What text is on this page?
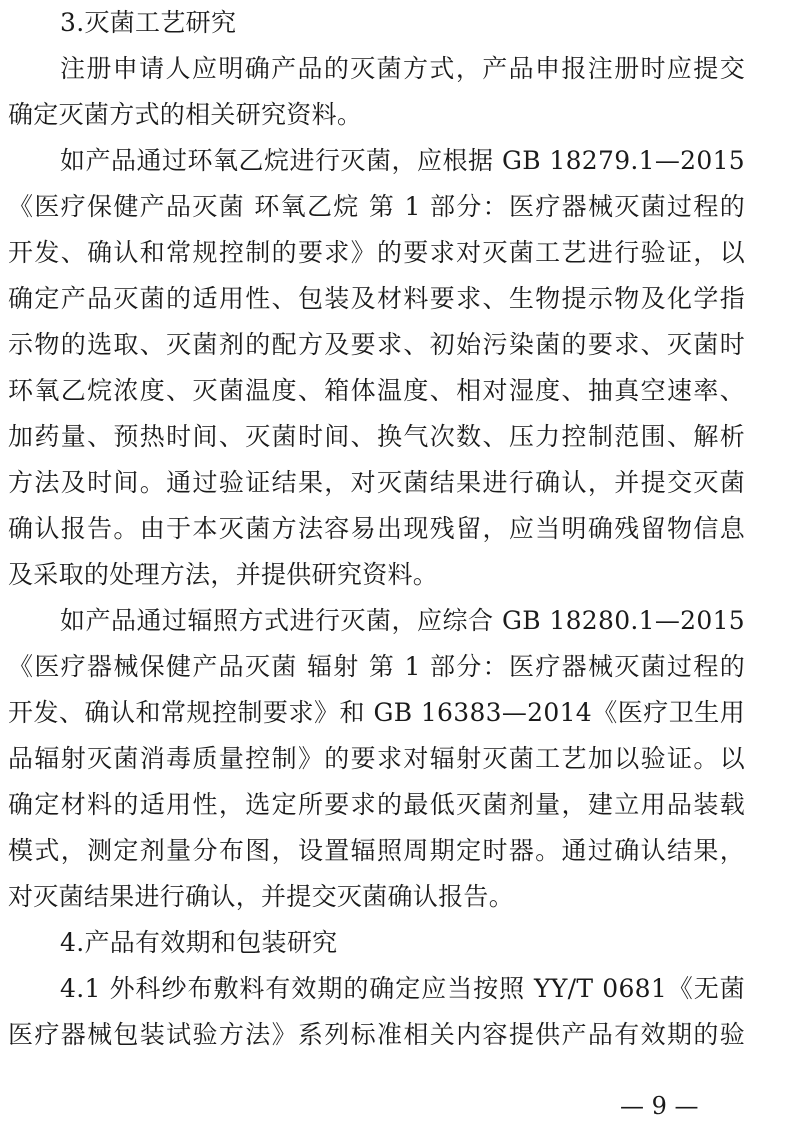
3.灭菌工艺研究
注册申请人应明确产品的灭菌方式，产品申报注册时应提交
确定灭菌方式的相关研究资料。
如产品通过环氧乙烷进行灭菌，应根据 GB 18279.1—2015
《医疗保健产品灭菌 环氧乙烷 第 1 部分：医疗器械灭菌过程的
开发、确认和常规控制的要求》的要求对灭菌工艺进行验证，以
确定产品灭菌的适用性、包装及材料要求、生物提示物及化学指
示物的选取、灭菌剂的配方及要求、初始污染菌的要求、灭菌时
环氧乙烷浓度、灭菌温度、箱体温度、相对湿度、抽真空速率、
加药量、预热时间、灭菌时间、换气次数、压力控制范围、解析
方法及时间。通过验证结果，对灭菌结果进行确认，并提交灭菌
确认报告。由于本灭菌方法容易出现残留，应当明确残留物信息
及采取的处理方法，并提供研究资料。
如产品通过辐照方式进行灭菌，应综合 GB 18280.1—2015
《医疗器械保健产品灭菌 辐射 第 1 部分：医疗器械灭菌过程的
开发、确认和常规控制要求》和 GB 16383—2014《医疗卫生用
品辐射灭菌消毒质量控制》的要求对辐射灭菌工艺加以验证。以
确定材料的适用性，选定所要求的最低灭菌剂量，建立用品装载
模式，测定剂量分布图，设置辐照周期定时器。通过确认结果，
对灭菌结果进行确认，并提交灭菌确认报告。
4.产品有效期和包装研究
4.1 外科纱布敷料有效期的确定应当按照 YY/T 0681《无菌
医疗器械包装试验方法》系列标准相关内容提供产品有效期的验
— 9 —
